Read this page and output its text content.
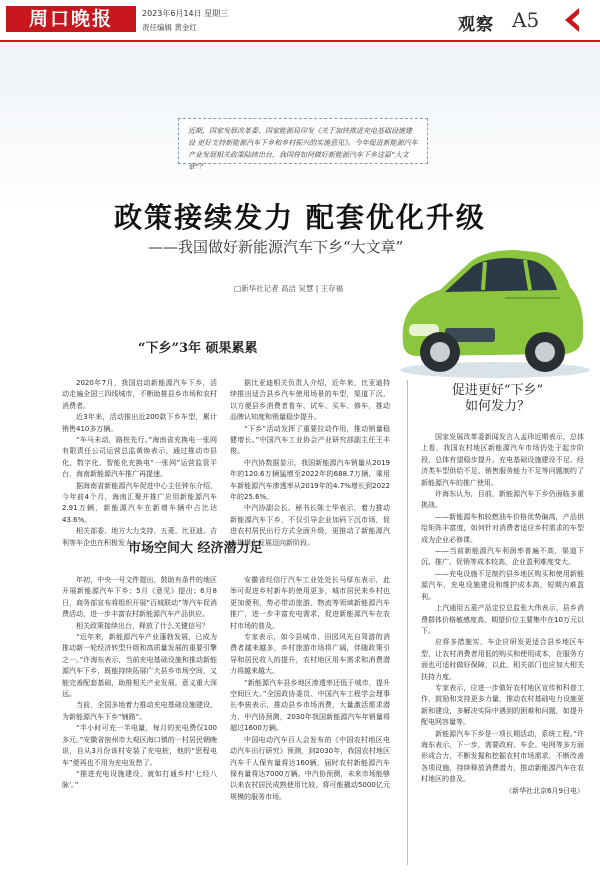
周口晚报	2023年6月14日 星期三
责任编辑 黄金红	观察 A5
近期，国家发展改革委、国家能源局印发《关于加快推进充电基础设施建设 更好支持新能源汽车下乡和乡村振兴的实施意见》。今年促进新能源汽车产业发展相关政策陆续出台，我国将如何做好新能源汽车下乡这篇“大文章”？
政策接续发力 配套优化升级
——我国做好新能源汽车下乡“大文章”
□新华社记者 高洁 吴慧 | 王存福
“下乡”3年 硕果累累

2020年7月，我国启动新能源汽车下乡，活动走遍全国三四线城市，不断助推县乡市场和农村消费者。

近3年来，活动推出近200款下乡车型，累计销售410多万辆。

“车马未动，路桩先行。”海南省充换电一张网有限责任公司运营总监黄焕表示，通过推动市县化、数字化、智能化充换电“一张网”运营监管平台，海南新能源汽车推广再提速。

据海南省新能源汽车促进中心主任钟东介绍，今年前4个月，海南汇聚并推广应用新能源汽车2.91万辆，新能源汽车在新增车辆中占比达43.6%。

相关部委、地方大力支持，五菱、比亚迪、吉利等车企也在积极发力。

据比亚迪相关负责人介绍，近年来，比亚迪持续推出适合县乡汽车使用场景的车型，渠道下沉，以方便县乡消费者看车、试车、买车、修车，推动品牌认知度和销量稳步提升。

“下乡”活动发挥了重要拉动作用，推动销量稳健增长。”中国汽车工业协会产业研究部副主任王丰俊。

中汽协数据显示，我国新能源汽车销量从2019年的120.6万辆猛增至2022年的688.7万辆，乘用车新能源汽车渗透率从2019年的4.7%增长到2022年的25.6%。

中汽协副会长、秘书长陈士华表示，着力推动新能源汽车下乡，不仅引导企业加码下沉市场，促进农村居民出行方式全面升级，更推动了新能源汽车规模化发展迈向新阶段。

市场空间大 经济潜力足

年初，中央一号文件提出，鼓助有条件的地区开展新能源汽车下乡；5月《意见》提出；6月8日，商务部宣布将组织开展“百城联动”等汽车促消费活动，进一步丰富农村新能源汽车产品供应。

相关政策接续出台，释放了什么关键信号？

“近年来，新能源汽车产业蓬勃发展，已成为推动新一轮经济转型升级和高质量发展的重要引擎之一。”许海东表示，当前充电基础设施和推动新能源汽车下乡，既能持续拓展广大县乡市场空间，又能完善配套基础，助推相关产业发展，意义重大深远。

当前，全国多地着力推动充电基础设施建设，为新能源汽车下乡“铺路”。

“半小时可充一半电量，每月的充电费仅100多元。”安徽省宿州市大观区海口镇的一村居民朝晚说，自从3月份该村安装了充电桩，他的“思程电车”便再也不用为充电发愁了。

“推进充电设施建设，就如打通乡村‘七经八脉’。”

安徽省经信厅汽车工业处处长马厚东表示，此举可促进乡村新车的使用更多，城市居民来乡村也更加便利，势必带动旅游、物流等领域新能源汽车推广，进一步丰富充电需求，促进新能源汽车在农村市场的普及。

专家表示，如今县城市、田园风光自驾游的消费者越来越多，乡村旅游市场将广阔，伴随政策引导和居民收入的提升，农村地区用车需求和消费潜力将越来越大。

“新能源汽车县乡地区渗透率还低于城市，提升空间巨大。”全国政协委员、中国汽车工程学会理事长李骏表示，推动县乡市场消费，大量激活需求潜力，中汽协预测，2030年我国新能源汽车年销量将超过1600万辆。

中国电动汽车百人会发布的《中国农村地区电动汽车出行研究》预测，到2030年，我国农村地区汽车千人保有量将达160辆，届时农村新能源汽车保有量将达7000万辆。中汽协预测，未来市场能够以来农村居民成熟使用比较，将可能撬动5000亿元规模的服务市场。

促进更好“下乡”
如何发力？

国家发展改革委新闻发言人孟玮近期表示，总体上看，我国农村地区新能源汽车市场仍处于起步阶段，总体有望稳步提升。充电基础设施建设不足、经济类车型供给不足、销售服务能力不足等问题制约了新能源汽车的推广使用。

许海东认为，目前，新能源汽车下乡仍面临多重挑战。

——新能源车和较燃油车价格优势偏高，产品供给矩阵丰富度，如何针对消费者适应乡村需求的车型成为企业必修课。

——当前新能源汽车利润率普遍不高，渠道下沉、推广、促销等成本较高，企业盈利难度变大。

——充电设施不足制约县乡地区购买和使用新能源汽车，充电设施建设和维护成本高，短期内难盈利。

上汽通用五菱产品定位总监张大伟表示，县乡消费群体价格敏感度高，期望价位主要集中在10万元以下。

应将多措施实，车企应研发更适合县乡地区车型，让农村消费者用低的购买和使用成本，在服务方面也可适时做好保障，以此，相关部门也应加大相关扶持力度。

专家表示，应进一步做好农村地区宣传和科普工作，鼓励和支持更多力量，推动农村基础电力设施更新和建设，多解决实际中遇到的困难和问题，如提升配电网容量等。

新能源汽车下乡是一项长期活动，系统工程。”许海东表示，下一步，需要政府、车企、电网等多方面形成合力，不断发掘和挖掘农村市场需求，不断改善各项设施，持续释放消费潜力，推动新能源汽车在农村地区的普及。

（新华社北京6月9日电）
